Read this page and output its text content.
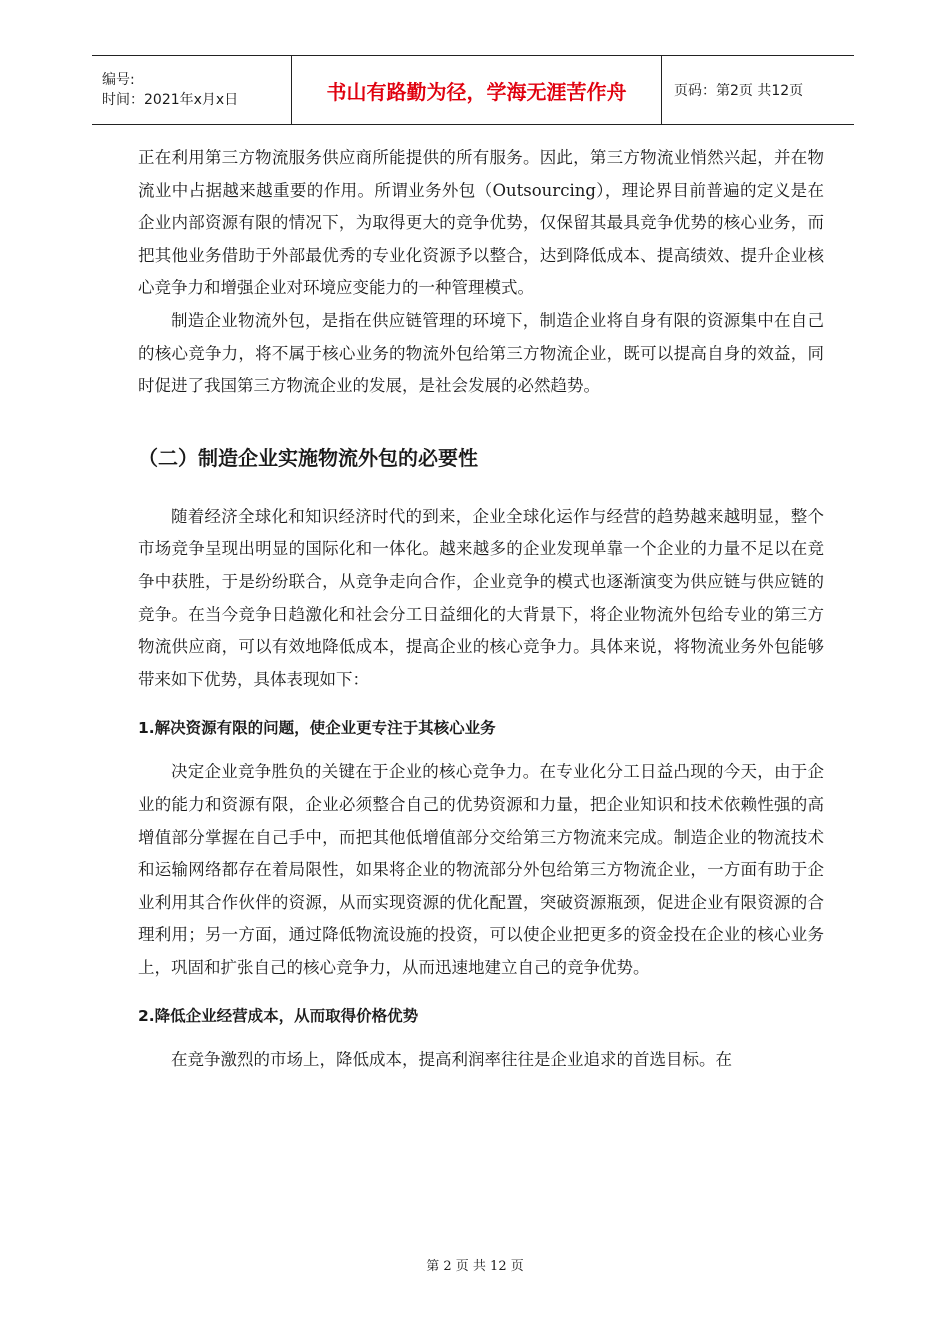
编号:
时间：2021年x月x日	书山有路勤为径，学海无涯苦作舟	页码：第2页 共12页

正在利用第三方物流服务供应商所能提供的所有服务。因此，第三方物流业悄然兴起，并在物流业中占据越来越重要的作用。所谓业务外包（Outsourcing），理论界目前普遍的定义是在企业内部资源有限的情况下，为取得更大的竞争优势，仅保留其最具竞争优势的核心业务，而把其他业务借助于外部最优秀的专业化资源予以整合，达到降低成本、提高绩效、提升企业核心竞争力和增强企业对环境应变能力的一种管理模式。

制造企业物流外包，是指在供应链管理的环境下，制造企业将自身有限的资源集中在自己的核心竞争力，将不属于核心业务的物流外包给第三方物流企业，既可以提高自身的效益，同时促进了我国第三方物流企业的发展，是社会发展的必然趋势。

（二）制造企业实施物流外包的必要性

随着经济全球化和知识经济时代的到来，企业全球化运作与经营的趋势越来越明显，整个市场竞争呈现出明显的国际化和一体化。越来越多的企业发现单靠一个企业的力量不足以在竞争中获胜，于是纷纷联合，从竞争走向合作，企业竞争的模式也逐渐演变为供应链与供应链的竞争。在当今竞争日趋激化和社会分工日益细化的大背景下，将企业物流外包给专业的第三方物流供应商，可以有效地降低成本，提高企业的核心竞争力。具体来说，将物流业务外包能够带来如下优势，具体表现如下：

1.解决资源有限的问题，使企业更专注于其核心业务

决定企业竞争胜负的关键在于企业的核心竞争力。在专业化分工日益凸现的今天，由于企业的能力和资源有限，企业必须整合自己的优势资源和力量，把企业知识和技术依赖性强的高增值部分掌握在自己手中，而把其他低增值部分交给第三方物流来完成。制造企业的物流技术和运输网络都存在着局限性，如果将企业的物流部分外包给第三方物流企业，一方面有助于企业利用其合作伙伴的资源，从而实现资源的优化配置，突破资源瓶颈，促进企业有限资源的合理利用；另一方面，通过降低物流设施的投资，可以使企业把更多的资金投在企业的核心业务上，巩固和扩张自己的核心竞争力，从而迅速地建立自己的竞争优势。

2.降低企业经营成本，从而取得价格优势

在竞争激烈的市场上，降低成本，提高利润率往往是企业追求的首选目标。在

第 2 页 共 12 页
